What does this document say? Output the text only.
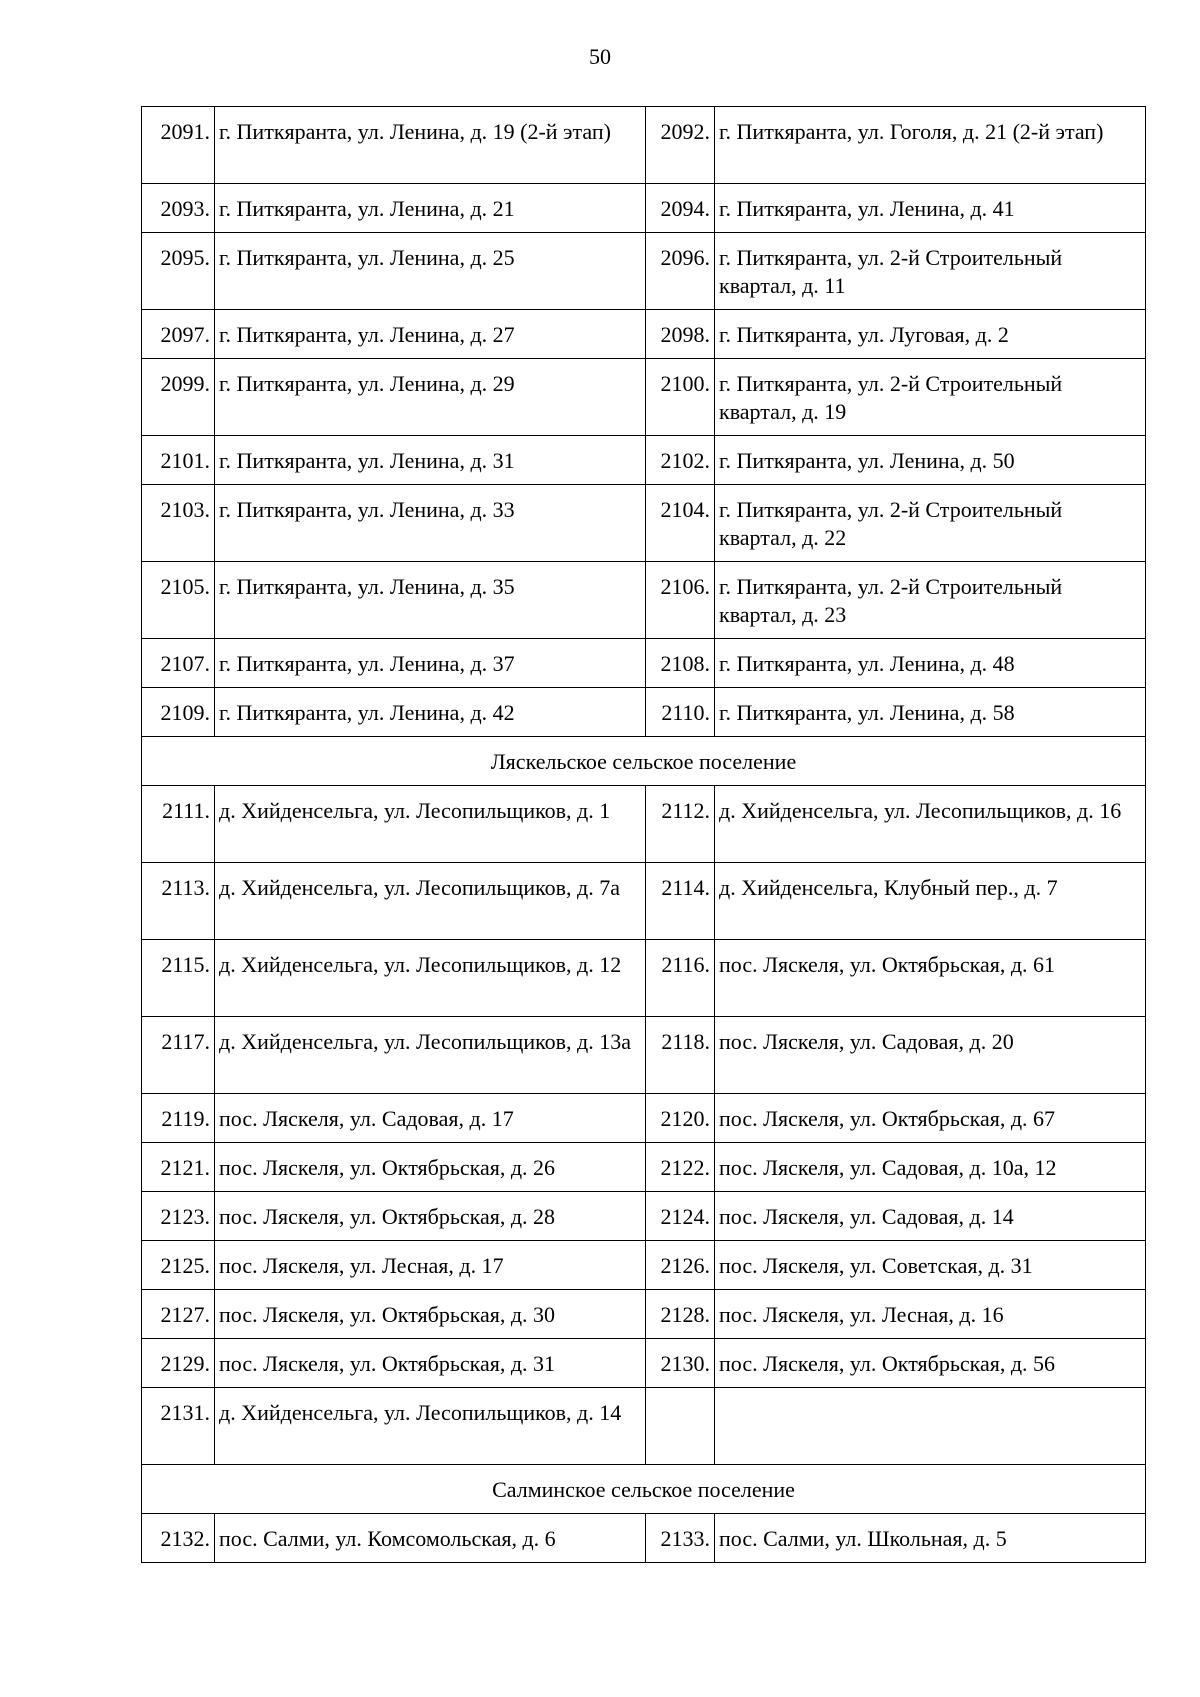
50
2091.	г. Питкяранта, ул. Ленина, д. 19 (2-й этап)	2092.	г. Питкяранта, ул. Гоголя, д. 21 (2-й этап)
2093.	г. Питкяранта, ул. Ленина, д. 21	2094.	г. Питкяранта, ул. Ленина, д. 41
2095.	г. Питкяранта, ул. Ленина, д. 25	2096.	г. Питкяранта, ул. 2-й Строительный квартал, д. 11
2097.	г. Питкяранта, ул. Ленина, д. 27	2098.	г. Питкяранта, ул. Луговая, д. 2
2099.	г. Питкяранта, ул. Ленина, д. 29	2100.	г. Питкяранта, ул. 2-й Строительный квартал, д. 19
2101.	г. Питкяранта, ул. Ленина, д. 31	2102.	г. Питкяранта, ул. Ленина, д. 50
2103.	г. Питкяранта, ул. Ленина, д. 33	2104.	г. Питкяранта, ул. 2-й Строительный квартал, д. 22
2105.	г. Питкяранта, ул. Ленина, д. 35	2106.	г. Питкяранта, ул. 2-й Строительный квартал, д. 23
2107.	г. Питкяранта, ул. Ленина, д. 37	2108.	г. Питкяранта, ул. Ленина, д. 48
2109.	г. Питкяранта, ул. Ленина, д. 42	2110.	г. Питкяранта, ул. Ленина, д. 58
Ляскельское сельское поселение			
2111.	д. Хийденсельга, ул. Лесопильщиков, д. 1	2112.	д. Хийденсельга, ул. Лесопильщиков, д. 16
2113.	д. Хийденсельга, ул. Лесопильщиков, д. 7а	2114.	д. Хийденсельга, Клубный пер., д. 7
2115.	д. Хийденсельга, ул. Лесопильщиков, д. 12	2116.	пос. Ляскеля, ул. Октябрьская, д. 61
2117.	д. Хийденсельга, ул. Лесопильщиков, д. 13а	2118.	пос. Ляскеля, ул. Садовая, д. 20
2119.	пос. Ляскеля, ул. Садовая, д. 17	2120.	пос. Ляскеля, ул. Октябрьская, д. 67
2121.	пос. Ляскеля, ул. Октябрьская, д. 26	2122.	пос. Ляскеля, ул. Садовая, д. 10а, 12
2123.	пос. Ляскеля, ул. Октябрьская, д. 28	2124.	пос. Ляскеля, ул. Садовая, д. 14
2125.	пос. Ляскеля, ул. Лесная, д. 17	2126.	пос. Ляскеля, ул. Советская, д. 31
2127.	пос. Ляскеля, ул. Октябрьская, д. 30	2128.	пос. Ляскеля, ул. Лесная, д. 16
2129.	пос. Ляскеля, ул. Октябрьская, д. 31	2130.	пос. Ляскеля, ул. Октябрьская, д. 56
2131.	д. Хийденсельга, ул. Лесопильщиков, д. 14		
Салминское сельское поселение			
2132.	пос. Салми, ул. Комсомольская, д. 6	2133.	пос. Салми, ул. Школьная, д. 5
